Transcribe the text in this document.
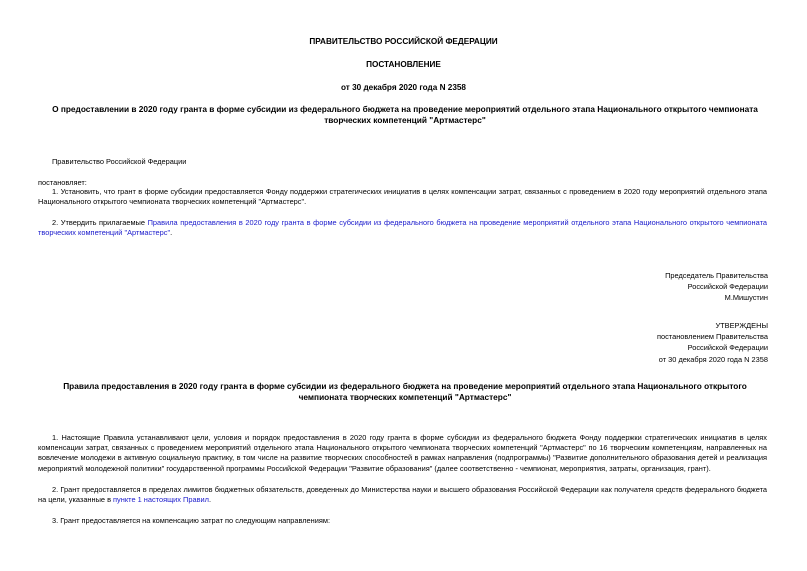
ПРАВИТЕЛЬСТВО РОССИЙСКОЙ ФЕДЕРАЦИИ
ПОСТАНОВЛЕНИЕ
от 30 декабря 2020 года N 2358
О предоставлении в 2020 году гранта в форме субсидии из федерального бюджета на проведение мероприятий отдельного этапа Национального открытого чемпионата творческих компетенций "Артмастерс"
Правительство Российской Федерации
постановляет:
1. Установить, что грант в форме субсидии предоставляется Фонду поддержки стратегических инициатив в целях компенсации затрат, связанных с проведением в 2020 году мероприятий отдельного этапа Национального открытого чемпионата творческих компетенций "Артмастерс".
2. Утвердить прилагаемые Правила предоставления в 2020 году гранта в форме субсидии из федерального бюджета на проведение мероприятий отдельного этапа Национального открытого чемпионата творческих компетенций "Артмастерс".
Председатель Правительства
Российской Федерации
М.Мишустин
УТВЕРЖДЕНЫ
постановлением Правительства
Российской Федерации
от 30 декабря 2020 года N 2358
Правила предоставления в 2020 году гранта в форме субсидии из федерального бюджета на проведение мероприятий отдельного этапа Национального открытого чемпионата творческих компетенций "Артмастерс"
1. Настоящие Правила устанавливают цели, условия и порядок предоставления в 2020 году гранта в форме субсидии из федерального бюджета Фонду поддержки стратегических инициатив в целях компенсации затрат, связанных с проведением мероприятий отдельного этапа Национального открытого чемпионата творческих компетенций "Артмастерс" по 16 творческим компетенциям, направленных на вовлечение молодежи в активную социальную практику, в том числе на развитие творческих способностей в рамках направления (подпрограммы) "Развитие дополнительного образования детей и реализация мероприятий молодежной политики" государственной программы Российской Федерации "Развитие образования" (далее соответственно - чемпионат, мероприятия, затраты, организация, грант).
2. Грант предоставляется в пределах лимитов бюджетных обязательств, доведенных до Министерства науки и высшего образования Российской Федерации как получателя средств федерального бюджета на цели, указанные в пункте 1 настоящих Правил.
3. Грант предоставляется на компенсацию затрат по следующим направлениям:
